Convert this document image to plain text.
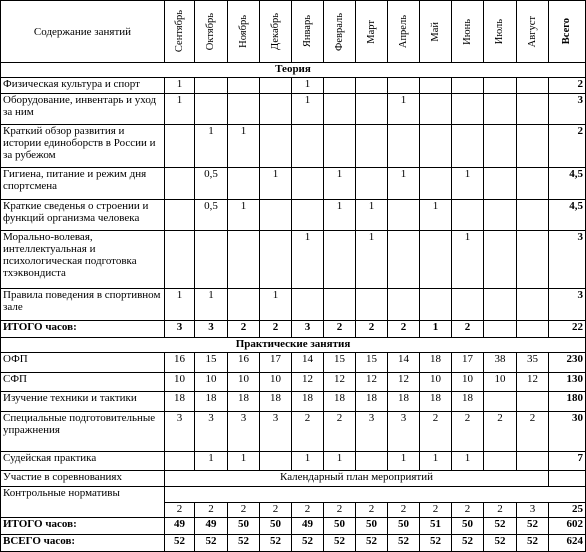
Содержание занятий	Сентябрь	Октябрь	Ноябрь	Декабрь	Январь	Февраль	Март	Апрель	Май	Июнь	Июль	Август	Всего

Теория													
Физическая культура и спорт	1				1								2
Оборудование, инвентарь и уход за ним	1				1			1					3
Краткий обзор развития и истории единоборств в России и за рубежом		1	1										2
Гигиена, питание и режим дня спортсмена		0,5		1		1		1		1			4,5
Краткие сведенья о строении и функций организма человека		0,5	1			1	1		1				4,5
Морально-волевая, интеллектуальная и психологическая подготовка тхэквондиста					1		1			1			3
Правила поведения в спортивном зале	1	1		1									3
ИТОГО часов:	3	3	2	2	3	2	2	2	1	2			22
Практические занятия													
ОФП	16	15	16	17	14	15	15	14	18	17	38	35	230
СФП	10	10	10	10	12	12	12	12	10	10	10	12	130
Изучение техники и тактики	18	18	18	18	18	18	18	18	18	18			180
Специальные подготовительные упражнения	3	3	3	3	2	2	3	3	2	2	2	2	30
Судейская практика		1	1		1	1		1	1	1			7
Участие в соревнованиях	Календарный план мероприятий												
Контрольные нормативы													
	2	2	2	2	2	2	2	2	2	2	2	3	25
ИТОГО часов:	49	49	50	50	49	50	50	50	51	50	52	52	602
ВСЕГО часов:	52	52	52	52	52	52	52	52	52	52	52	52	624
